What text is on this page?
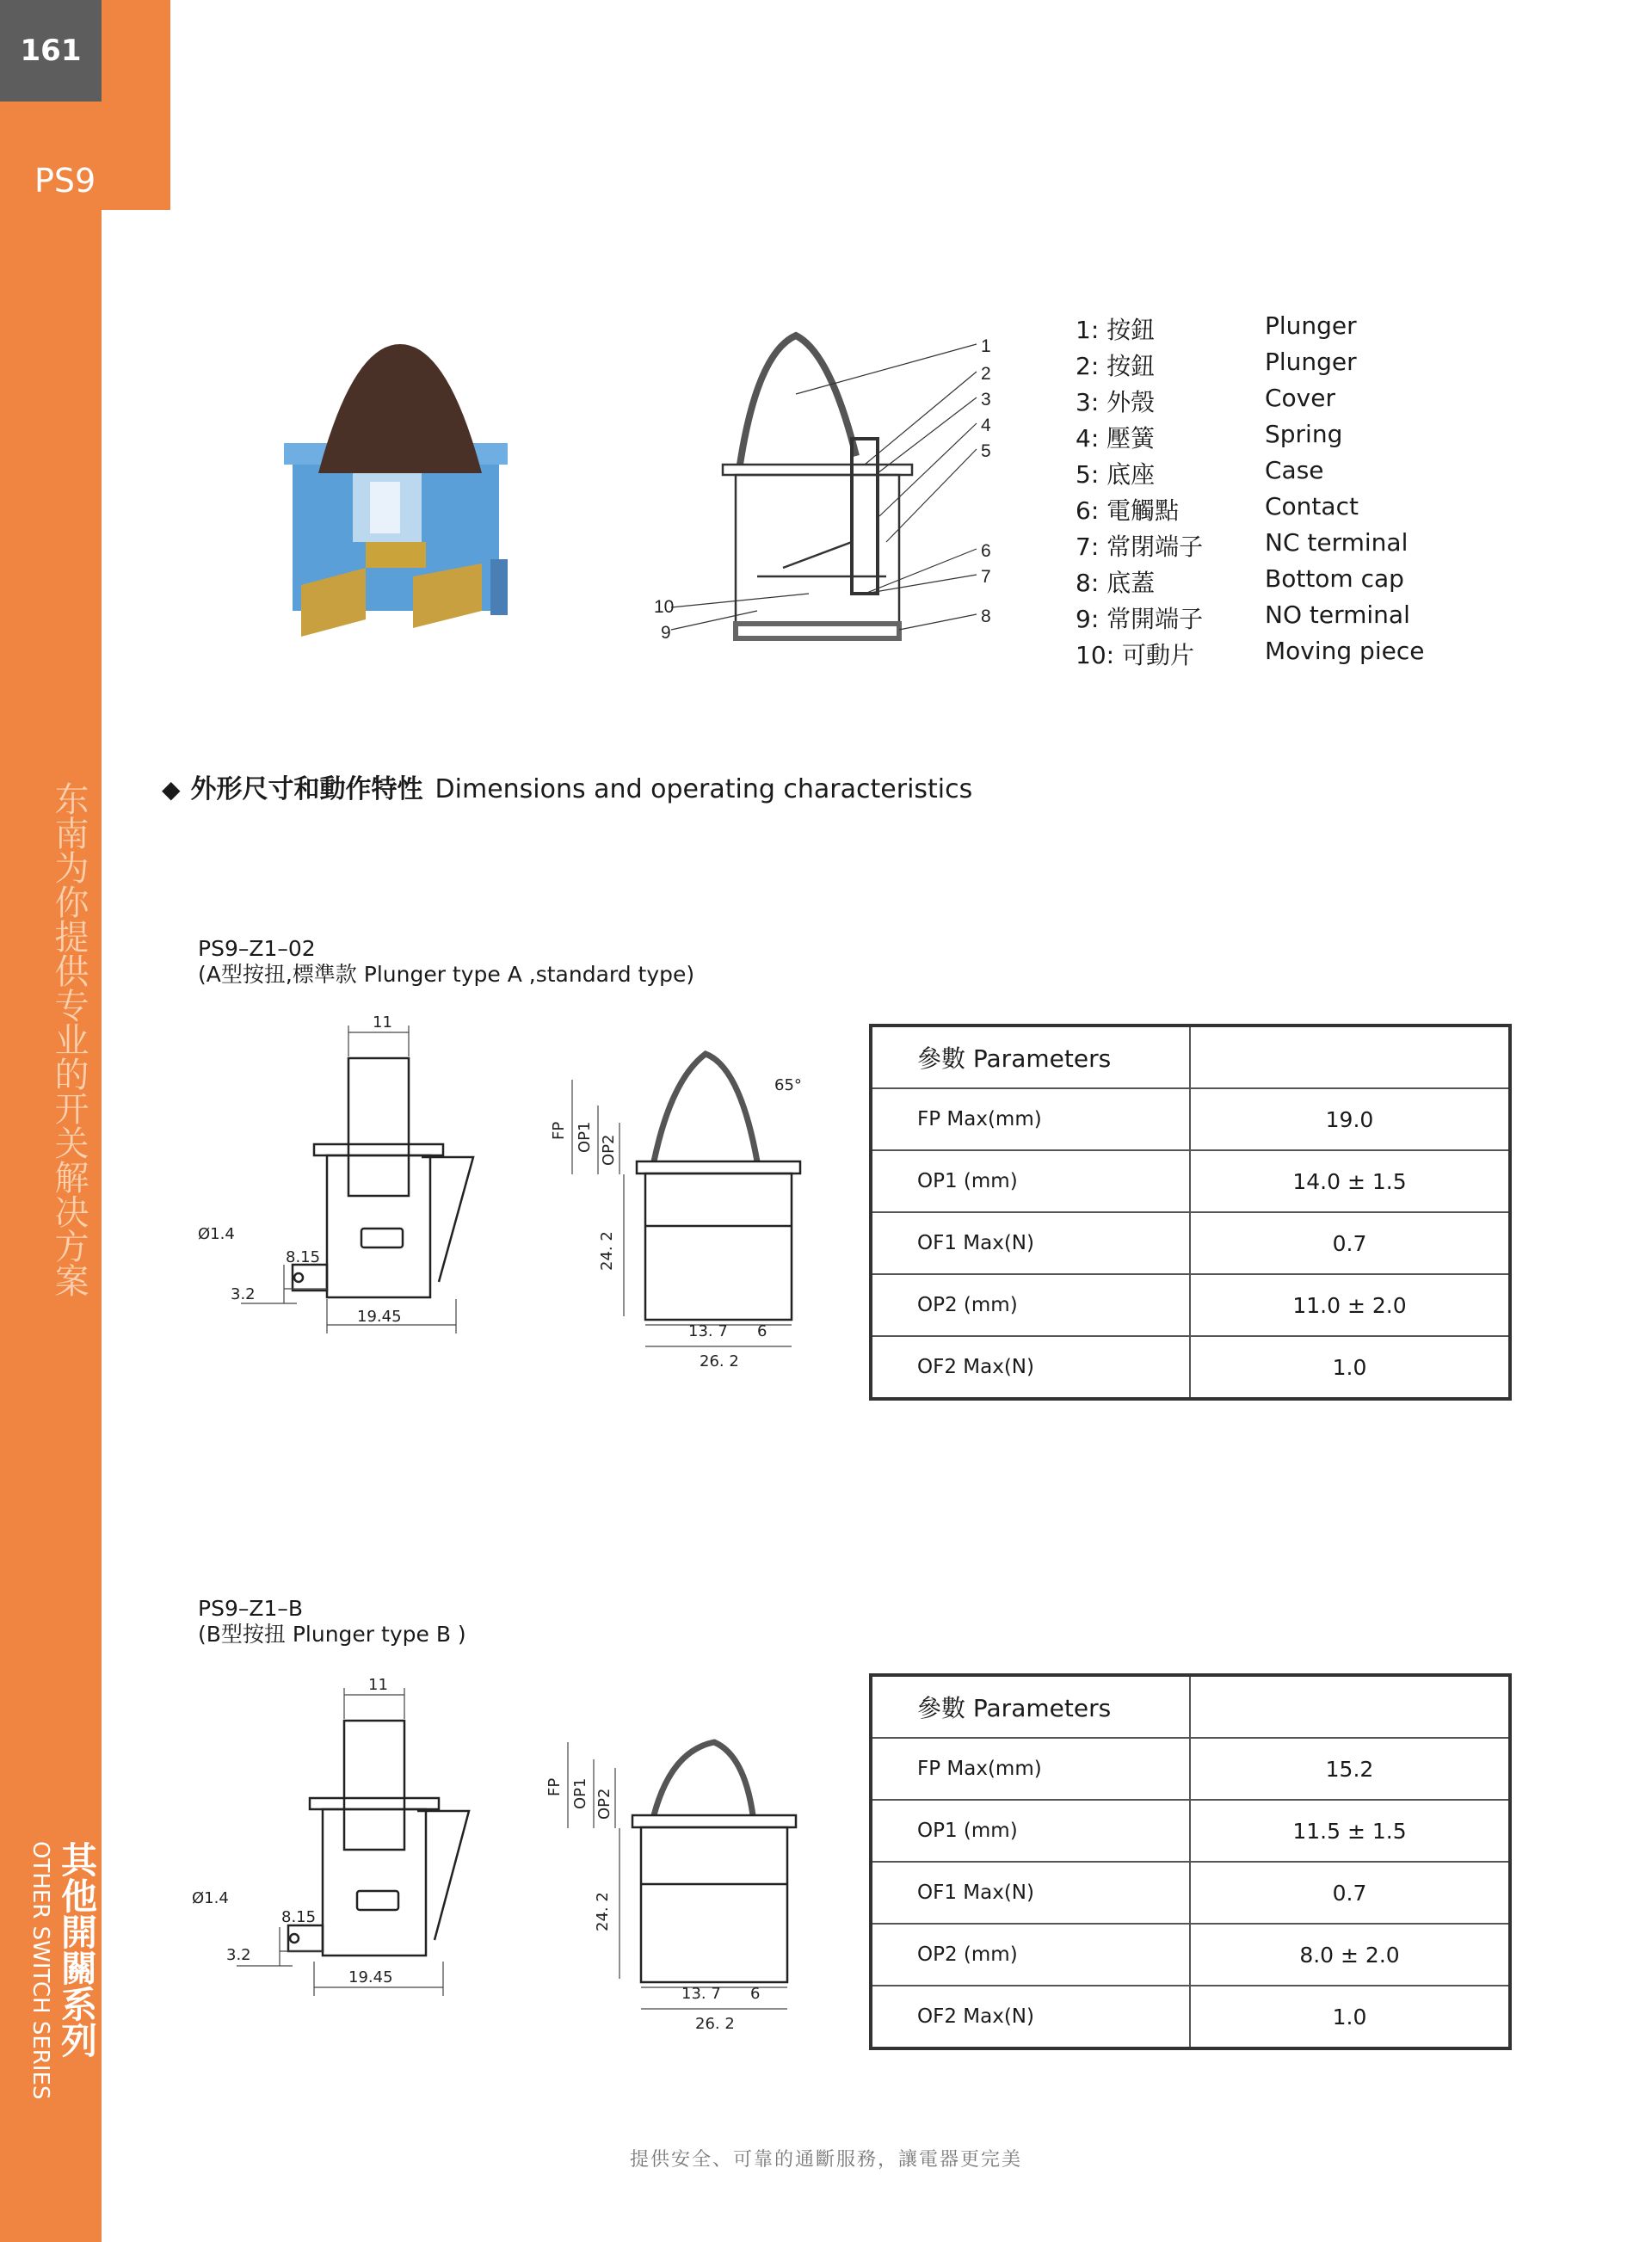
161
PS9
东南为你提供专业的开关解决方案
其他開關系列
OTHER SWITCH SERIES
1
2
3
4
5
6
7
8
9
10
1: 按鈕	Plunger
2: 按鈕	Plunger
3: 外殼	Cover
4: 壓簧	Spring
5: 底座	Case
6: 電觸點	Contact
7: 常閉端子	NC terminal
8: 底蓋	Bottom cap
9: 常開端子	NO terminal
10: 可動片	Moving piece
◆ 外形尺寸和動作特性 Dimensions and operating characteristics
PS9–Z1–02
(A型按扭,標準款 Plunger type A ,standard type)
11
Ø1.4
8.15
3.2
19.45
FP OP1 OP2
24. 2
13. 7 6
26. 2
65°
參數 Parameters	
FP Max(mm)	19.0
OP1 (mm)	14.0 ± 1.5
OF1 Max(N)	0.7
OP2 (mm)	11.0 ± 2.0
OF2 Max(N)	1.0
PS9–Z1–B
(B型按扭 Plunger type B )
11
Ø1.4
8.15
3.2
19.45
FP OP1 OP2
24. 2
13. 7 6
26. 2
參數 Parameters	
FP Max(mm)	15.2
OP1 (mm)	11.5 ± 1.5
OF1 Max(N)	0.7
OP2 (mm)	8.0 ± 2.0
OF2 Max(N)	1.0
提供安全、可靠的通斷服務，讓電器更完美
